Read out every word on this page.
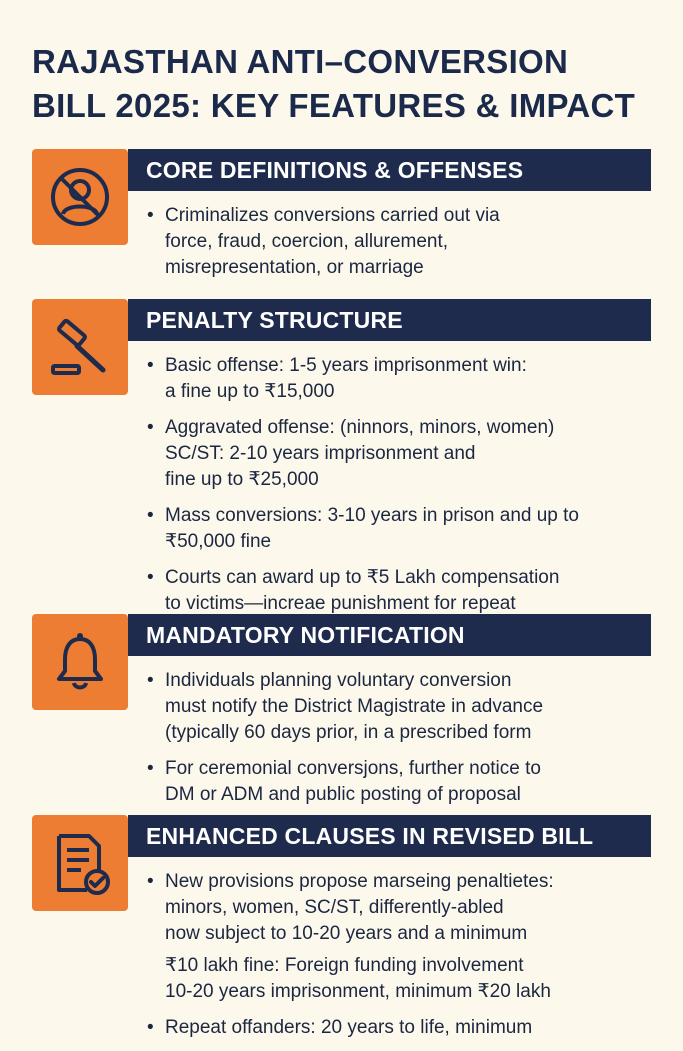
RAJASTHAN ANTI–CONVERSION
BILL 2025: KEY FEATURES & IMPACT
CORE DEFINITIONS & OFFENSES
• Criminalizes conversions carried out via
force, fraud, coercion, allurement,
misrepresentation, or marriage
PENALTY STRUCTURE
• Basic offense: 1-5 years imprisonment win:
a fine up to ₹15,000
• Aggravated offense: (ninnors, minors, women)
SC/ST: 2-10 years imprisonment and
fine up to ₹25,000
• Mass conversions: 3-10 years in prison and up to
₹50,000 fine
• Courts can award up to ₹5 Lakh compensation
to victims—increae punishment for repeat
MANDATORY NOTIFICATION
• Individuals planning voluntary conversion
must notify the District Magistrate in advance
(typically 60 days prior, in a prescribed form
• For ceremonial conversjons, further notice to
DM or ADM and public posting of proposal
ENHANCED CLAUSES IN REVISED BILL
• New provisions propose marseing penaltietes:
minors, women, SC/ST, differently-abled
now subject to 10-20 years and a minimum
₹10 lakh fine: Foreign funding involvement
10-20 years imprisonment, minimum ₹20 lakh
• Repeat offanders: 20 years to life, minimum
